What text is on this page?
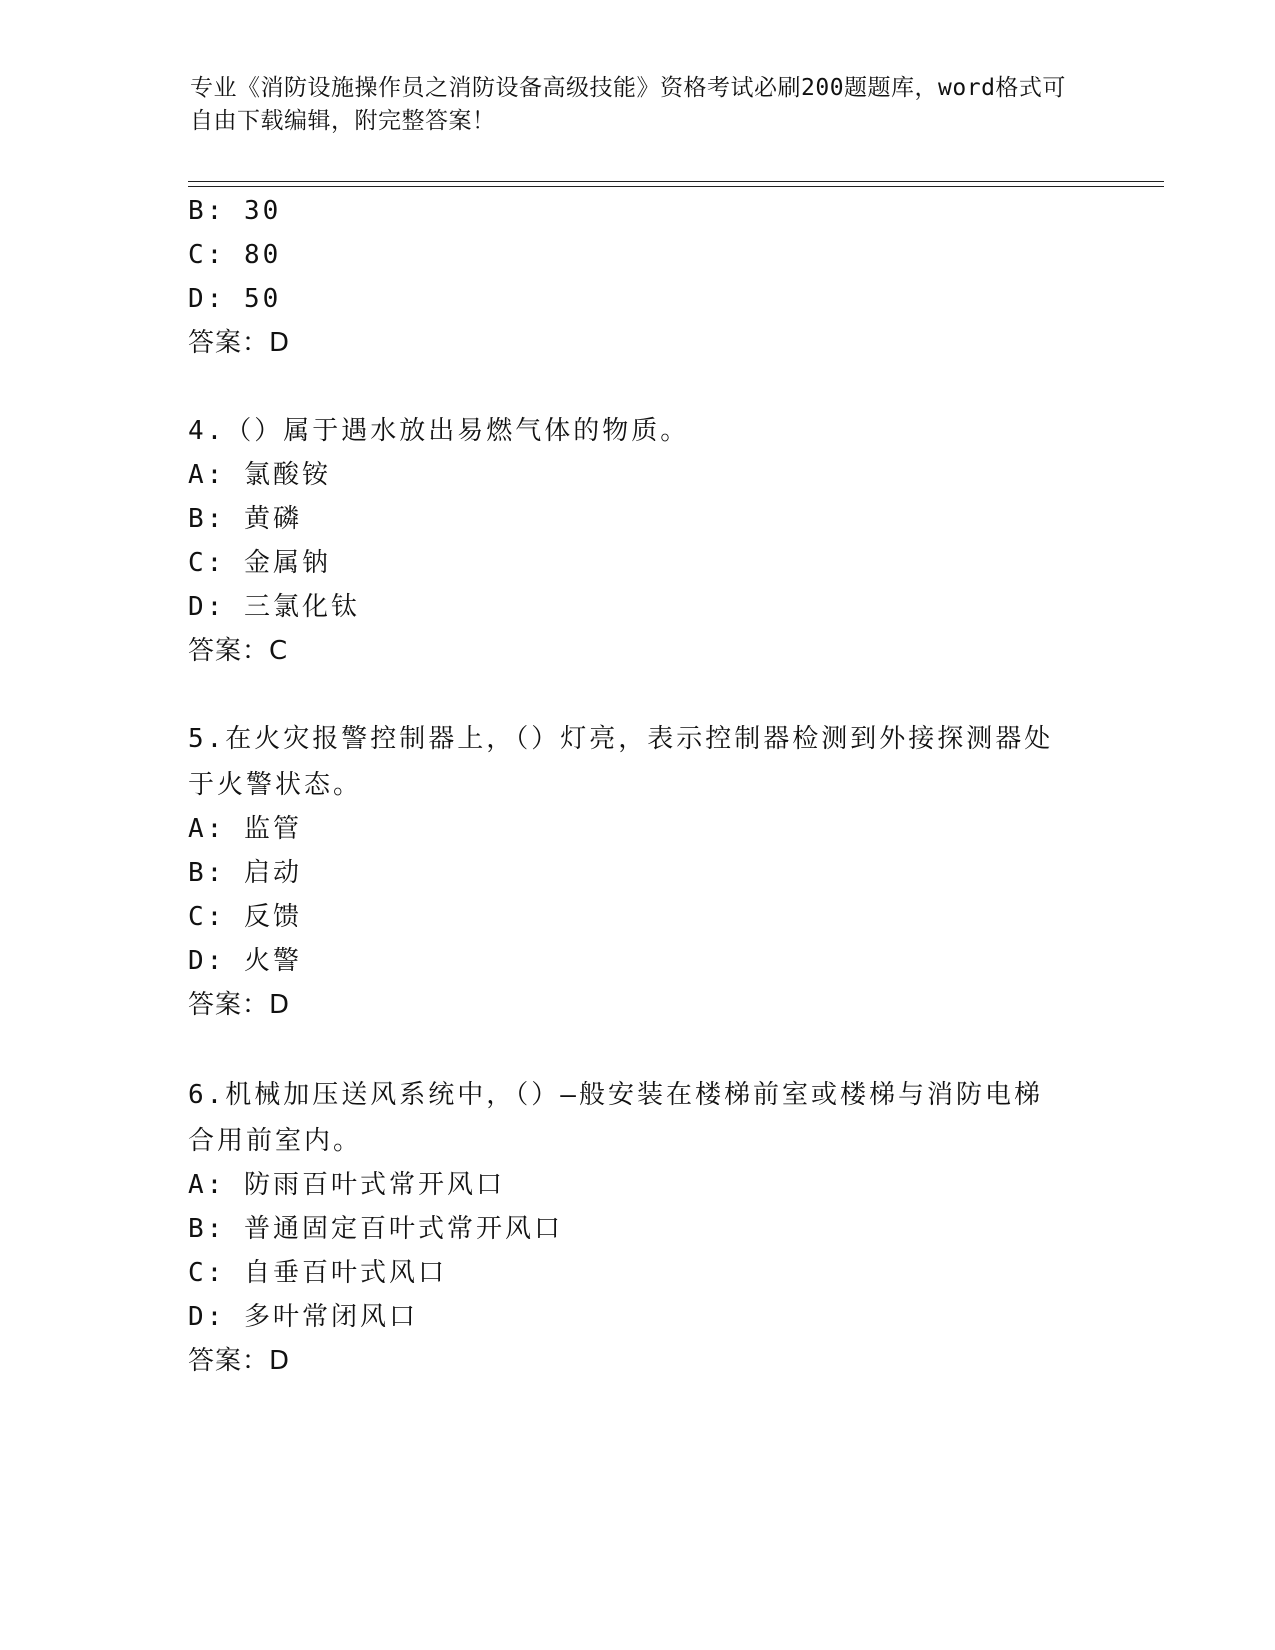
专业《消防设施操作员之消防设备高级技能》资格考试必刷200题题库，word格式可自由下载编辑，附完整答案！
B: 30
C: 80
D: 50
答案：D
4.（）属于遇水放出易燃气体的物质。
A: 氯酸铵
B: 黄磷
C: 金属钠
D: 三氯化钛
答案：C
5.在火灾报警控制器上，（）灯亮，表示控制器检测到外接探测器处于火警状态。
A: 监管
B: 启动
C: 反馈
D: 火警
答案：D
6.机械加压送风系统中，（）—般安装在楼梯前室或楼梯与消防电梯合用前室内。
A: 防雨百叶式常开风口
B: 普通固定百叶式常开风口
C: 自垂百叶式风口
D: 多叶常闭风口
答案：D
